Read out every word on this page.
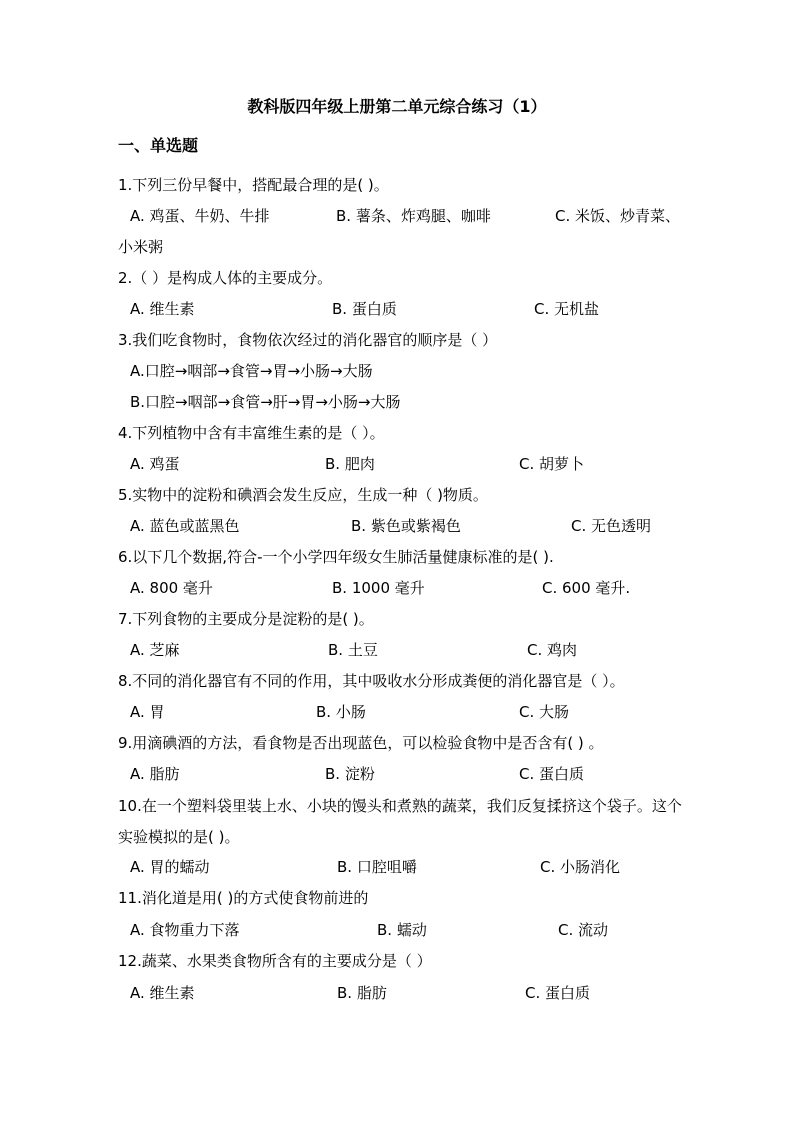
教科版四年级上册第二单元综合练习（1）
一、单选题
1.下列三份早餐中，搭配最合理的是( )。
A. 鸡蛋、牛奶、牛排	B. 薯条、炸鸡腿、咖啡	C. 米饭、炒青菜、
小米粥
2.（ ）是构成人体的主要成分。
A. 维生素	B. 蛋白质	C. 无机盐
3.我们吃食物时，食物依次经过的消化器官的顺序是（ ）
A.口腔→咽部→食管→胃→小肠→大肠
B.口腔→咽部→食管→肝→胃→小肠→大肠
4.下列植物中含有丰富维生素的是（ ）。
A. 鸡蛋	B. 肥肉	C. 胡萝卜
5.实物中的淀粉和碘酒会发生反应，生成一种（ )物质。
A. 蓝色或蓝黑色	B. 紫色或紫褐色	C. 无色透明
6.以下几个数据,符合-一个小学四年级女生肺活量健康标准的是( ).
A. 800 毫升	B. 1000 毫升	C. 600 毫升.
7.下列食物的主要成分是淀粉的是( )。
A. 芝麻	B. 土豆	C. 鸡肉
8.不同的消化器官有不同的作用，其中吸收水分形成粪便的消化器官是（ ）。
A. 胃	B. 小肠	C. 大肠
9.用滴碘酒的方法，看食物是否出现蓝色，可以检验食物中是否含有( ) 。
A. 脂肪	B. 淀粉	C. 蛋白质
10.在一个塑料袋里装上水、小块的馒头和煮熟的蔬菜，我们反复揉挤这个袋子。这个实验模拟的是( )。
A. 胃的蠕动	B. 口腔咀嚼	C. 小肠消化
11.消化道是用( )的方式使食物前进的
A. 食物重力下落	B. 蠕动	C. 流动
12.蔬菜、水果类食物所含有的主要成分是（ ）
A. 维生素	B. 脂肪	C. 蛋白质
